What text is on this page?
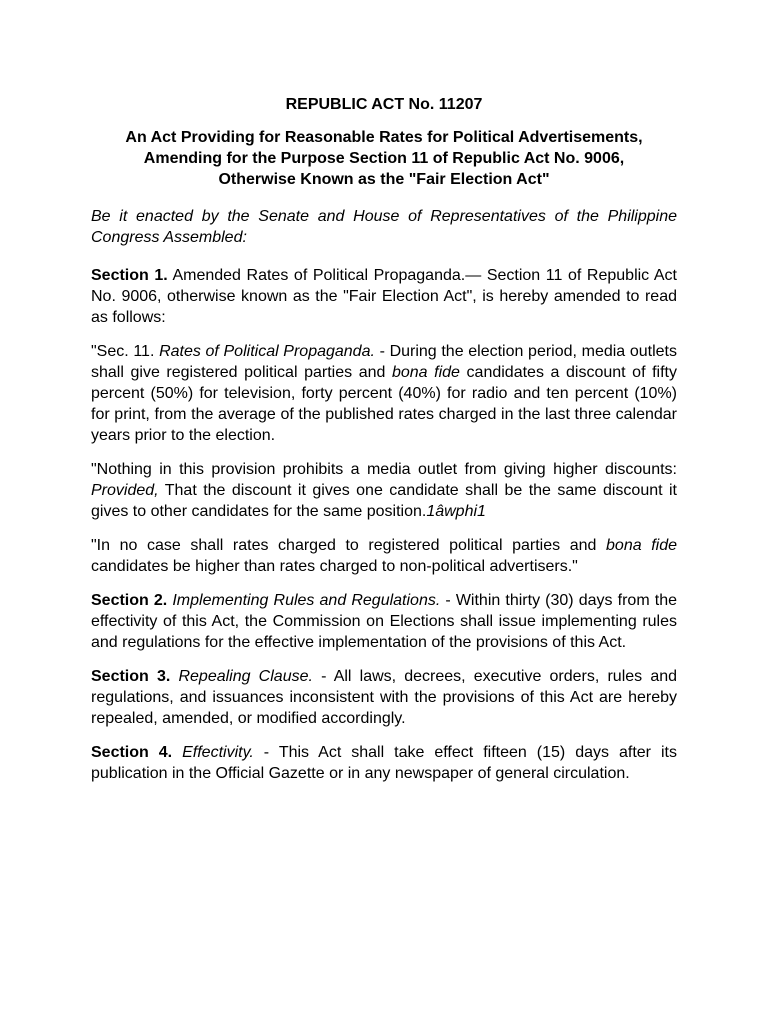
REPUBLIC ACT No. 11207
An Act Providing for Reasonable Rates for Political Advertisements,
Amending for the Purpose Section 11 of Republic Act No. 9006,
Otherwise Known as the "Fair Election Act"
Be it enacted by the Senate and House of Representatives of the Philippine Congress Assembled:

Section 1. Amended Rates of Political Propaganda.— Section 11 of Republic Act No. 9006, otherwise known as the "Fair Election Act", is hereby amended to read as follows:

"Sec. 11. Rates of Political Propaganda. - During the election period, media outlets shall give registered political parties and bona fide candidates a discount of fifty percent (50%) for television, forty percent (40%) for radio and ten percent (10%) for print, from the average of the published rates charged in the last three calendar years prior to the election.

"Nothing in this provision prohibits a media outlet from giving higher discounts: Provided, That the discount it gives one candidate shall be the same discount it gives to other candidates for the same position.1âwphi1

"In no case shall rates charged to registered political parties and bona fide candidates be higher than rates charged to non-political advertisers."

Section 2. Implementing Rules and Regulations. - Within thirty (30) days from the effectivity of this Act, the Commission on Elections shall issue implementing rules and regulations for the effective implementation of the provisions of this Act.

Section 3. Repealing Clause. - All laws, decrees, executive orders, rules and regulations, and issuances inconsistent with the provisions of this Act are hereby repealed, amended, or modified accordingly.

Section 4. Effectivity. - This Act shall take effect fifteen (15) days after its publication in the Official Gazette or in any newspaper of general circulation.
